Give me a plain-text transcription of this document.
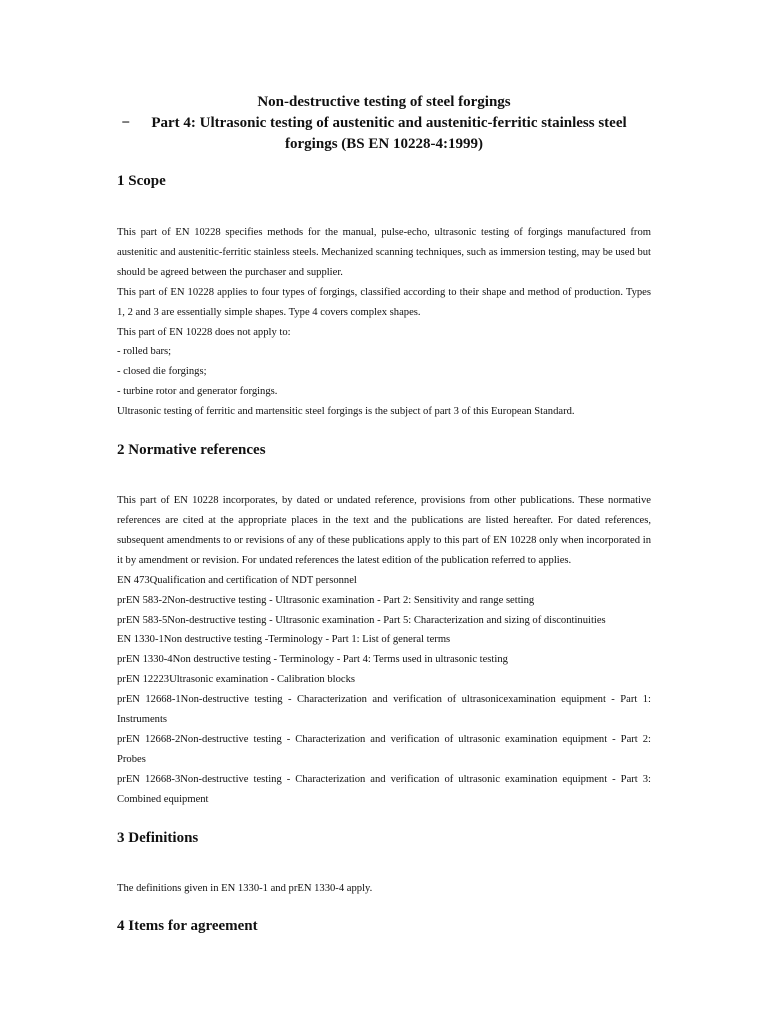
Non-destructive testing of steel forgings
− Part 4: Ultrasonic testing of austenitic and austenitic-ferritic stainless steel
forgings (BS EN 10228-4:1999)
1 Scope

This part of EN 10228 specifies methods for the manual, pulse-echo, ultrasonic testing of forgings manufactured from austenitic and austenitic-ferritic stainless steels. Mechanized scanning techniques, such as immersion testing, may be used but should be agreed between the purchaser and supplier.

This part of EN 10228 applies to four types of forgings, classified according to their shape and method of production. Types 1, 2 and 3 are essentially simple shapes. Type 4 covers complex shapes.

This part of EN 10228 does not apply to:

- rolled bars;

- closed die forgings;

- turbine rotor and generator forgings.

Ultrasonic testing of ferritic and martensitic steel forgings is the subject of part 3 of this European Standard.

2 Normative references

This part of EN 10228 incorporates, by dated or undated reference, provisions from other publications. These normative references are cited at the appropriate places in the text and the publications are listed hereafter. For dated references, subsequent amendments to or revisions of any of these publications apply to this part of EN 10228 only when incorporated in it by amendment or revision. For undated references the latest edition of the publication referred to applies.

EN 473Qualification and certification of NDT personnel
prEN 583-2Non-destructive testing - Ultrasonic examination - Part 2: Sensitivity and range setting
prEN 583-5Non-destructive testing - Ultrasonic examination - Part 5: Characterization and sizing of discontinuities
EN 1330-1Non destructive testing -Terminology - Part 1: List of general terms
prEN 1330-4Non destructive testing - Terminology - Part 4: Terms used in ultrasonic testing
prEN 12223Ultrasonic examination - Calibration blocks
prEN 12668-1Non-destructive testing - Characterization and verification of ultrasonicexamination equipment - Part 1: Instruments
prEN 12668-2Non-destructive testing - Characterization and verification of ultrasonic examination equipment - Part 2: Probes
prEN 12668-3Non-destructive testing - Characterization and verification of ultrasonic examination equipment - Part 3: Combined equipment
3 Definitions

The definitions given in EN 1330-1 and prEN 1330-4 apply.

4 Items for agreement
